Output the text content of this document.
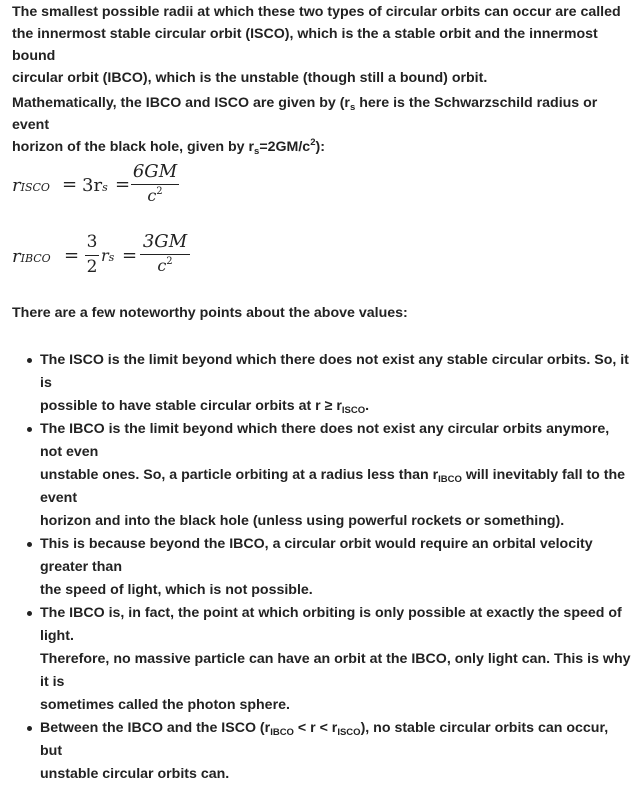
The smallest possible radii at which these two types of circular orbits can occur are called
the innermost stable circular orbit (ISCO), which is the a stable orbit and the innermost bound
circular orbit (IBCO), which is the unstable (though still a bound) orbit.
Mathematically, the IBCO and ISCO are given by ($r_s$ here is the Schwarzschild radius or event
horizon of the black hole, given by $r_s=2GM/c^2$):
rISCO = 3rs =
6GM
$c^2$
rIBCO =
3
2
rs =
3GM
$c^2$
There are a few noteworthy points about the above values:
The ISCO is the limit beyond which there does not exist any stable circular orbits. So, it is
possible to have stable circular orbits at $r \ge r_{ISCO}$.
The IBCO is the limit beyond which there does not exist any circular orbits anymore, not even
unstable ones. So, a particle orbiting at a radius less than $r_{IBCO}$ will inevitably fall to the event
horizon and into the black hole (unless using powerful rockets or something).
This is because beyond the IBCO, a circular orbit would require an orbital velocity greater than
the speed of light, which is not possible.
The IBCO is, in fact, the point at which orbiting is only possible at exactly the speed of light.
Therefore, no massive particle can have an orbit at the IBCO, only light can. This is why it is
sometimes called the photon sphere.
Between the IBCO and the ISCO $(r_{IBCO} < r < r_{ISCO})$, no stable circular orbits can occur, but
unstable circular orbits can.
